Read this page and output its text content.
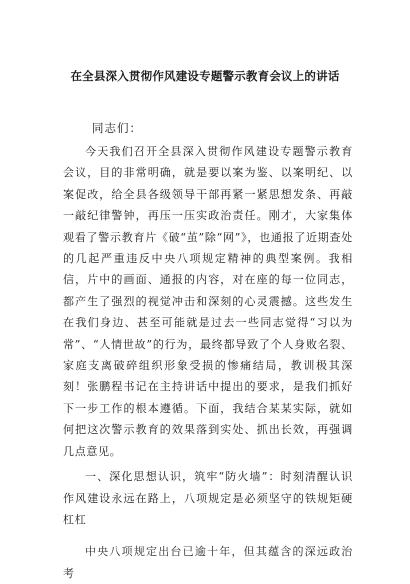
在全县深入贯彻作风建设专题警示教育会议上的讲话
同志们：

今天我们召开全县深入贯彻作风建设专题警示教育会议，目的非常明确，就是要以案为鉴、以案明纪、以案促改，给全县各级领导干部再紧一紧思想发条、再敲一敲纪律警钟，再压一压实政治责任。刚才，大家集体观看了警示教育片《破“茧”除“网”》，也通报了近期查处的几起严重违反中央八项规定精神的典型案例。我相信，片中的画面、通报的内容，对在座的每一位同志，都产生了强烈的视觉冲击和深刻的心灵震撼。这些发生在我们身边、甚至可能就是过去一些同志觉得“习以为常”、“人情世故”的行为，最终都导致了个人身败名裂、家庭支离破碎组织形象受损的惨痛结局，教训极其深刻！张鹏程书记在主持讲话中提出的要求，是我们抓好下一步工作的根本遵循。下面，我结合某某实际，就如何把这次警示教育的效果落到实处、抓出长效，再强调几点意见。

一、深化思想认识，筑牢“防火墙”：时刻清醒认识作风建设永远在路上，八项规定是必须坚守的铁规矩硬杠杠

中央八项规定出台已逾十年，但其蕴含的深远政治考
